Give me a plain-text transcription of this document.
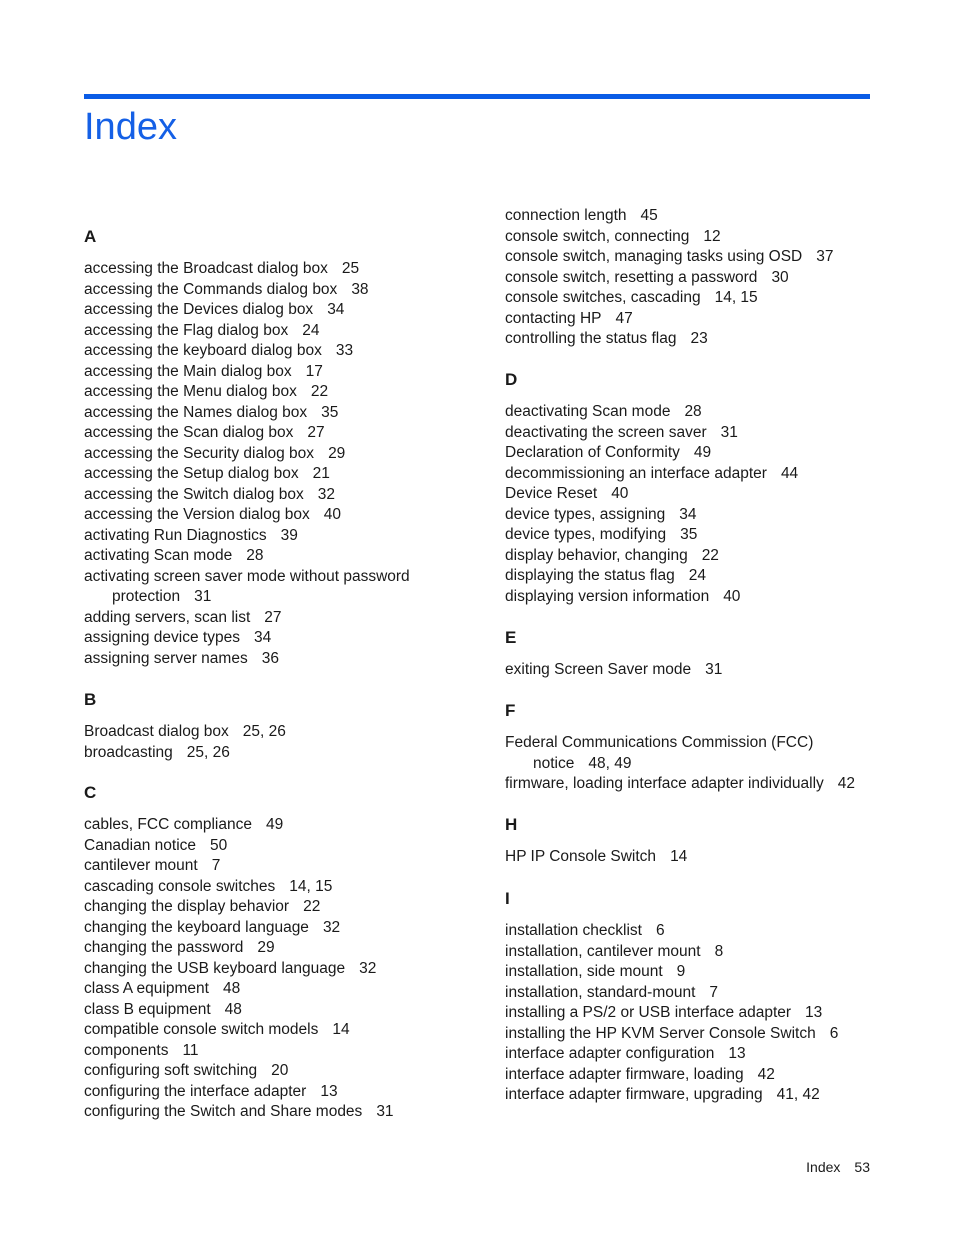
Index
A
accessing the Broadcast dialog box 25
accessing the Commands dialog box 38
accessing the Devices dialog box 34
accessing the Flag dialog box 24
accessing the keyboard dialog box 33
accessing the Main dialog box 17
accessing the Menu dialog box 22
accessing the Names dialog box 35
accessing the Scan dialog box 27
accessing the Security dialog box 29
accessing the Setup dialog box 21
accessing the Switch dialog box 32
accessing the Version dialog box 40
activating Run Diagnostics 39
activating Scan mode 28
activating screen saver mode without password
protection 31
adding servers, scan list 27
assigning device types 34
assigning server names 36
B
Broadcast dialog box 25, 26
broadcasting 25, 26
C
cables, FCC compliance 49
Canadian notice 50
cantilever mount 7
cascading console switches 14, 15
changing the display behavior 22
changing the keyboard language 32
changing the password 29
changing the USB keyboard language 32
class A equipment 48
class B equipment 48
compatible console switch models 14
components 11
configuring soft switching 20
configuring the interface adapter 13
configuring the Switch and Share modes 31
connection length 45
console switch, connecting 12
console switch, managing tasks using OSD 37
console switch, resetting a password 30
console switches, cascading 14, 15
contacting HP 47
controlling the status flag 23
D
deactivating Scan mode 28
deactivating the screen saver 31
Declaration of Conformity 49
decommissioning an interface adapter 44
Device Reset 40
device types, assigning 34
device types, modifying 35
display behavior, changing 22
displaying the status flag 24
displaying version information 40
E
exiting Screen Saver mode 31
F
Federal Communications Commission (FCC)
notice 48, 49
firmware, loading interface adapter individually 42
H
HP IP Console Switch 14
I
installation checklist 6
installation, cantilever mount 8
installation, side mount 9
installation, standard-mount 7
installing a PS/2 or USB interface adapter 13
installing the HP KVM Server Console Switch 6
interface adapter configuration 13
interface adapter firmware, loading 42
interface adapter firmware, upgrading 41, 42
Index 53
